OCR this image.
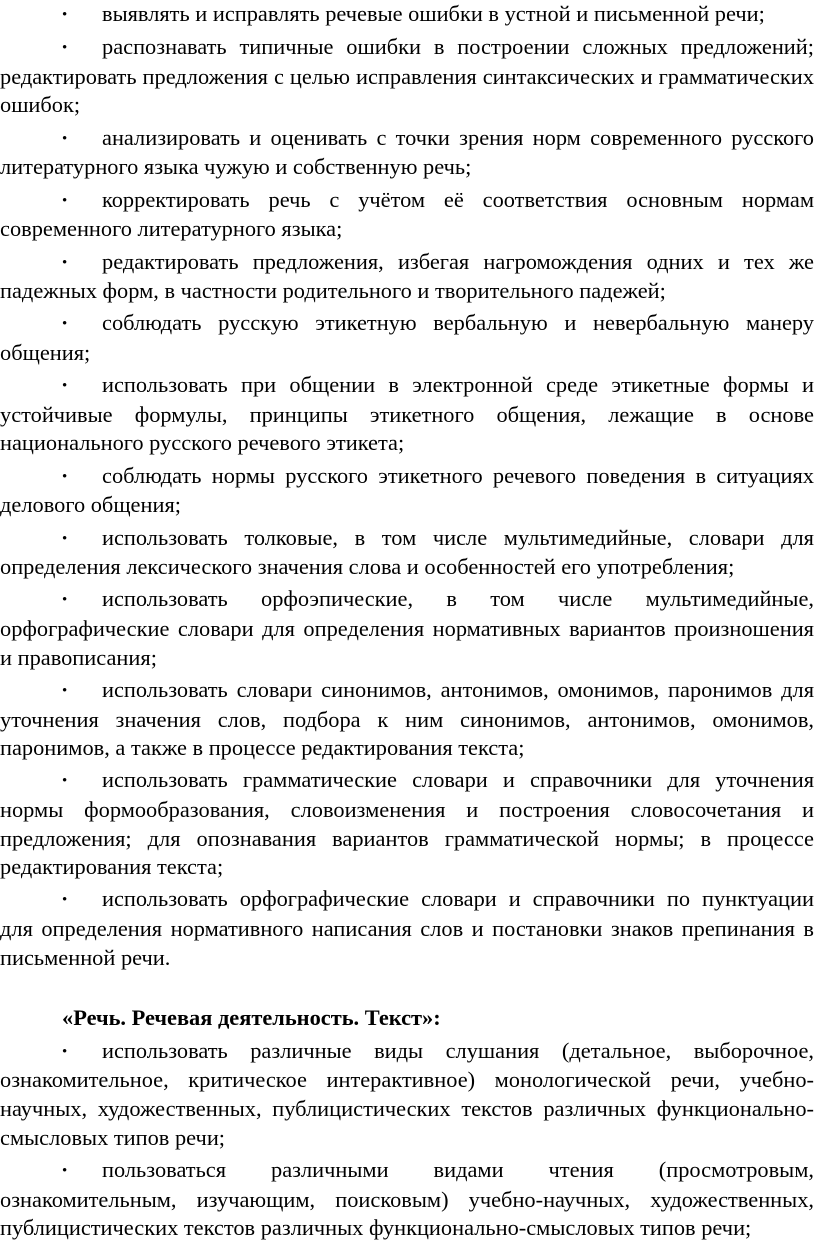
• выявлять и исправлять речевые ошибки в устной и письменной речи;

• распознавать типичные ошибки в построении сложных предложений; редактировать предложения с целью исправления синтаксических и грамматических ошибок;

• анализировать и оценивать с точки зрения норм современного русского литературного языка чужую и собственную речь;

• корректировать речь с учётом её соответствия основным нормам современного литературного языка;

• редактировать предложения, избегая нагромождения одних и тех же падежных форм, в частности родительного и творительного падежей;

• соблюдать русскую этикетную вербальную и невербальную манеру общения;

• использовать при общении в электронной среде этикетные формы и устойчивые формулы, принципы этикетного общения, лежащие в основе национального русского речевого этикета;

• соблюдать нормы русского этикетного речевого поведения в ситуациях делового общения;

• использовать толковые, в том числе мультимедийные, словари для определения лексического значения слова и особенностей его употребления;

• использовать орфоэпические, в том числе мультимедийные, орфографические словари для определения нормативных вариантов произношения и правописания;

• использовать словари синонимов, антонимов, омонимов, паронимов для уточнения значения слов, подбора к ним синонимов, антонимов, омонимов, паронимов, а также в процессе редактирования текста;

• использовать грамматические словари и справочники для уточнения нормы формообразования, словоизменения и построения словосочетания и предложения; для опознавания вариантов грамматической нормы; в процессе редактирования текста;

• использовать орфографические словари и справочники по пунктуации для определения нормативного написания слов и постановки знаков препинания в письменной речи.

«Речь. Речевая деятельность. Текст»:

• использовать различные виды слушания (детальное, выборочное, ознакомительное, критическое интерактивное) монологической речи, учебно-научных, художественных, публицистических текстов различных функционально-смысловых типов речи;

• пользоваться различными видами чтения (просмотровым, ознакомительным, изучающим, поисковым) учебно-научных, художественных, публицистических текстов различных функционально-смысловых типов речи;
